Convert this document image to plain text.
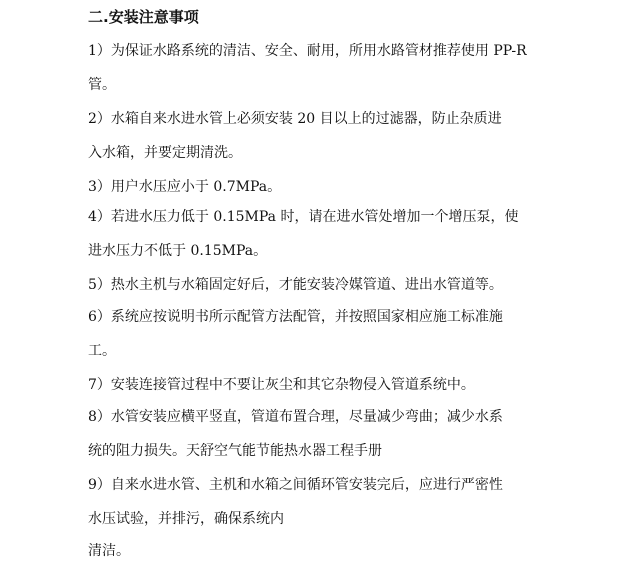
二.安装注意事项
1）为保证水路系统的清洁、安全、耐用，所用水路管材推荐使用 PP-R
管。
2）水箱自来水进水管上必须安装 20 目以上的过滤器，防止杂质进
入水箱，并要定期清洗。
3）用户水压应小于 0.7MPa。
4）若进水压力低于 0.15MPa 时，请在进水管处增加一个增压泵，使
进水压力不低于 0.15MPa。
5）热水主机与水箱固定好后，才能安装冷媒管道、进出水管道等。
6）系统应按说明书所示配管方法配管，并按照国家相应施工标准施
工。
7）安装连接管过程中不要让灰尘和其它杂物侵入管道系统中。
8）水管安装应横平竖直，管道布置合理，尽量减少弯曲；减少水系
统的阻力损失。天舒空气能节能热水器工程手册
9）自来水进水管、主机和水箱之间循环管安装完后，应进行严密性
水压试验，并排污，确保系统内
清洁。
